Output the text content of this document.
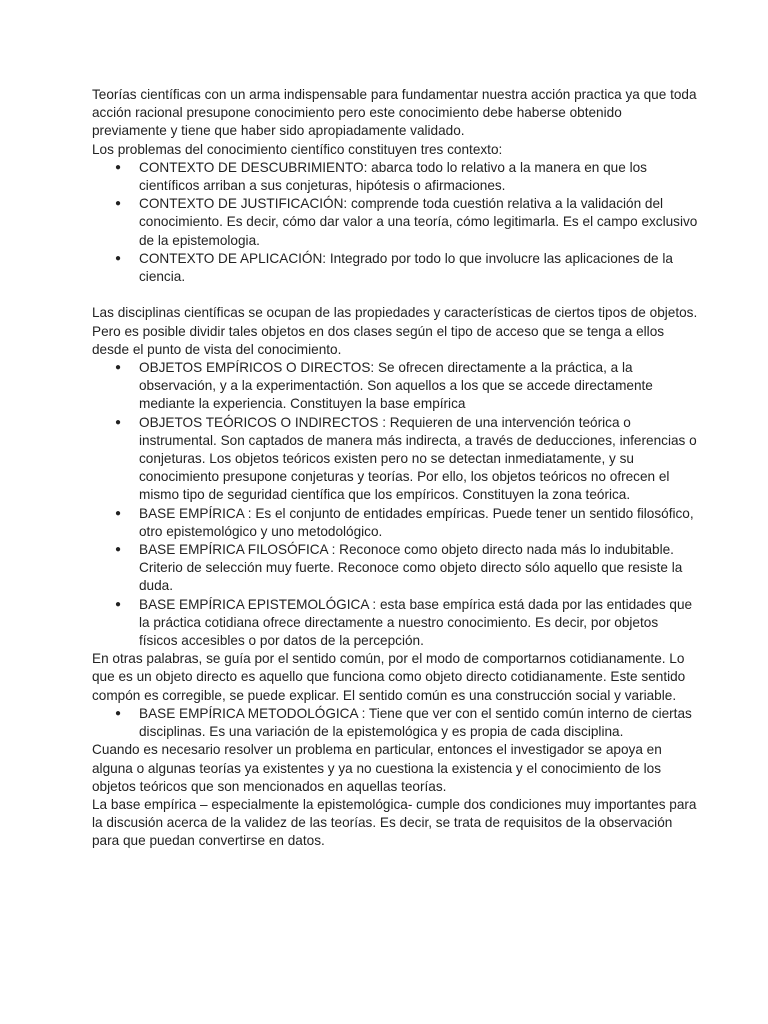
Teorías científicas con un arma indispensable para fundamentar nuestra acción practica ya que toda acción racional presupone conocimiento pero este conocimiento debe haberse obtenido previamente y tiene que haber sido apropiadamente validado.

Los problemas del conocimiento científico constituyen tres contexto:

● CONTEXTO DE DESCUBRIMIENTO: abarca todo lo relativo a la manera en que los científicos arriban a sus conjeturas, hipótesis o afirmaciones.
● CONTEXTO DE JUSTIFICACIÓN: comprende toda cuestión relativa a la validación del conocimiento. Es decir, cómo dar valor a una teoría, cómo legitimarla. Es el campo exclusivo de la epistemologia.
● CONTEXTO DE APLICACIÓN: Integrado por todo lo que involucre las aplicaciones de la ciencia.

Las disciplinas científicas se ocupan de las propiedades y características de ciertos tipos de objetos. Pero es posible dividir tales objetos en dos clases según el tipo de acceso que se tenga a ellos desde el punto de vista del conocimiento.

● OBJETOS EMPÍRICOS O DIRECTOS: Se ofrecen directamente a la práctica, a la observación, y a la experimentactión. Son aquellos a los que se accede directamente mediante la experiencia. Constituyen la base empírica
● OBJETOS TEÓRICOS O INDIRECTOS : Requieren de una intervención teórica o instrumental. Son captados de manera más indirecta, a través de deducciones, inferencias o conjeturas. Los objetos teóricos existen pero no se detectan inmediatamente, y su conocimiento presupone conjeturas y teorías. Por ello, los objetos teóricos no ofrecen el mismo tipo de seguridad científica que los empíricos. Constituyen la zona teórica.
● BASE EMPÍRICA : Es el conjunto de entidades empíricas. Puede tener un sentido filosófico, otro epistemológico y uno metodológico.
● BASE EMPÍRICA FILOSÓFICA : Reconoce como objeto directo nada más lo indubitable. Criterio de selección muy fuerte. Reconoce como objeto directo sólo aquello que resiste la duda.
● BASE EMPÍRICA EPISTEMOLÓGICA : esta base empírica está dada por las entidades que la práctica cotidiana ofrece directamente a nuestro conocimiento. Es decir, por objetos físicos accesibles o por datos de la percepción.

En otras palabras, se guía por el sentido común, por el modo de comportarnos cotidianamente. Lo que es un objeto directo es aquello que funciona como objeto directo cotidianamente. Este sentido compón es corregible, se puede explicar. El sentido común es una construcción social y variable.

● BASE EMPÍRICA METODOLÓGICA : Tiene que ver con el sentido común interno de ciertas disciplinas. Es una variación de la epistemológica y es propia de cada disciplina.

Cuando es necesario resolver un problema en particular, entonces el investigador se apoya en alguna o algunas teorías ya existentes y ya no cuestiona la existencia y el conocimiento de los objetos teóricos que son mencionados en aquellas teorías.

La base empírica – especialmente la epistemológica- cumple dos condiciones muy importantes para la discusión acerca de la validez de las teorías. Es decir, se trata de requisitos de la observación para que puedan convertirse en datos.
